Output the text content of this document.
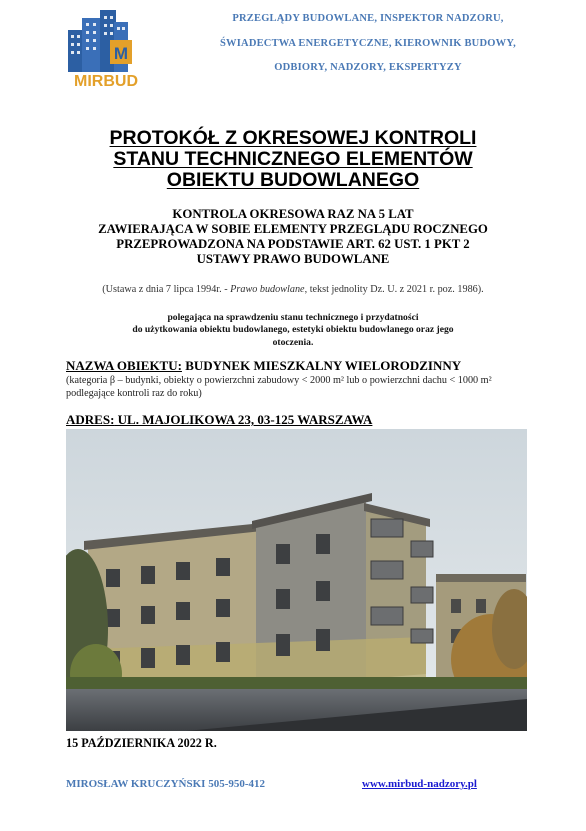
M
MIRBUD
PRZEGLĄDY BUDOWLANE, INSPEKTOR NADZORU,
ŚWIADECTWA ENERGETYCZNE, KIEROWNIK BUDOWY,
ODBIORY, NADZORY, EKSPERTYZY
PROTOKÓŁ Z OKRESOWEJ KONTROLI
STANU TECHNICZNEGO ELEMENTÓW
OBIEKTU BUDOWLANEGO
KONTROLA OKRESOWA RAZ NA 5 LAT
ZAWIERAJĄCA W SOBIE ELEMENTY PRZEGLĄDU ROCZNEGO
PRZEPROWADZONA NA PODSTAWIE ART. 62 UST. 1 PKT 2
USTAWY PRAWO BUDOWLANE
(Ustawa z dnia 7 lipca 1994r. - Prawo budowlane, tekst jednolity Dz. U. z 2021 r. poz. 1986).
polegająca na sprawdzeniu stanu technicznego i przydatności
do użytkowania obiektu budowlanego, estetyki obiektu budowlanego oraz jego
otoczenia.
NAZWA OBIEKTU: BUDYNEK MIESZKALNY WIELORODZINNY
(kategoria β – budynki, obiekty o powierzchni zabudowy < 2000 m² lub o powierzchni dachu < 1000 m² podlegające kontroli raz do roku)
ADRES: UL. MAJOLIKOWA 23, 03-125 WARSZAWA
15 PAŹDZIERNIKA 2022 R.
MIROSŁAW KRUCZYŃSKI 505-950-412	www.mirbud-nadzory.pl
